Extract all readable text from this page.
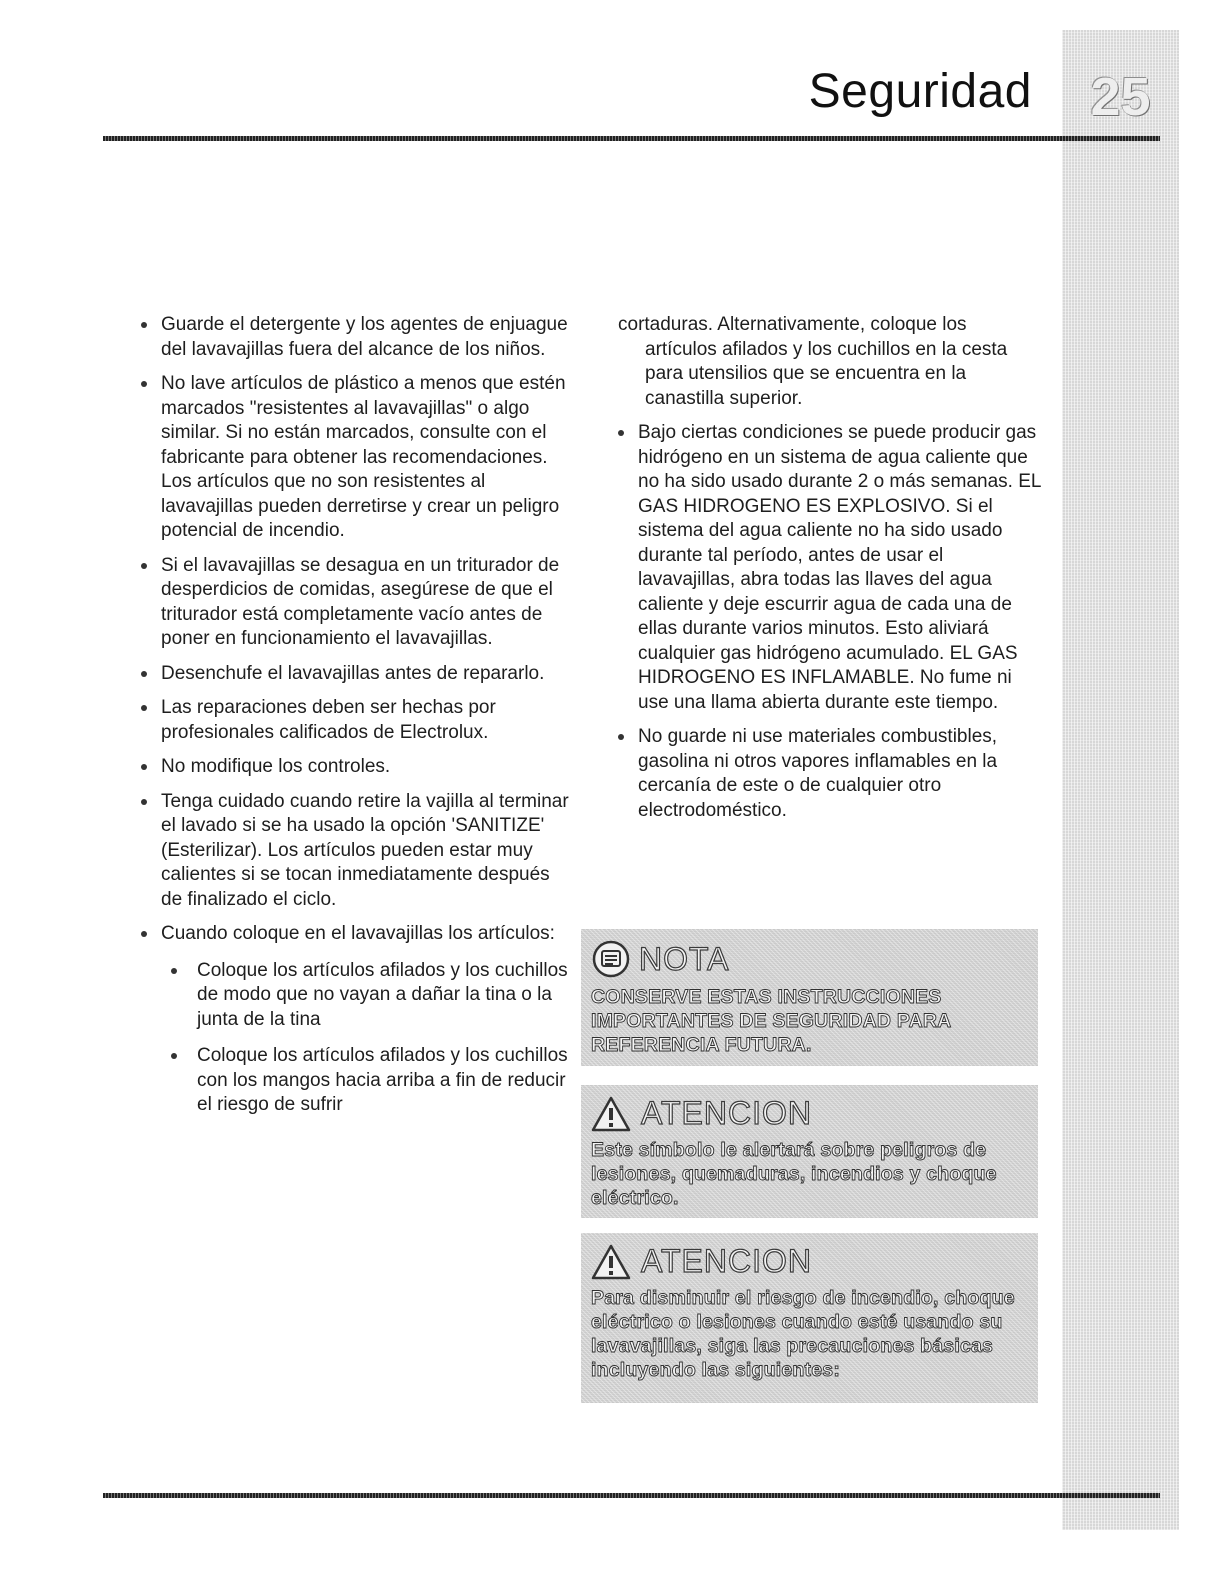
Seguridad	25
Guarde el detergente y los agentes de enjuague del lavavajillas fuera del alcance de los niños.
No lave artículos de plástico a menos que estén marcados "resistentes al lavavajillas" o algo similar. Si no están marcados, consulte con el fabricante para obtener las recomendaciones. Los artículos que no son resistentes al lavavajillas pueden derretirse y crear un peligro potencial de incendio.
Si el lavavajillas se desagua en un triturador de desperdicios de comidas, asegúrese de que el triturador está completamente vacío antes de poner en funcionamiento el lavavajillas.
Desenchufe el lavavajillas antes de repararlo.
Las reparaciones deben ser hechas por profesionales calificados de Electrolux.
No modifique los controles.
Tenga cuidado cuando retire la vajilla al terminar el lavado si se ha usado la opción 'SANITIZE' (Esterilizar). Los artículos pueden estar muy calientes si se tocan inmediatamente después de finalizado el ciclo.
Cuando coloque en el lavavajillas los artículos:
Coloque los artículos afilados y los cuchillos de modo que no vayan a dañar la tina o la junta de la tina
Coloque los artículos afilados y los cuchillos con los mangos hacia arriba a fin de reducir el riesgo de sufrir

cortaduras. Alternativamente, coloque los artículos afilados y los cuchillos en la cesta para utensilios que se encuentra en la canastilla superior.

Bajo ciertas condiciones se puede producir gas hidrógeno en un sistema de agua caliente que no ha sido usado durante 2 o más semanas. EL GAS HIDROGENO ES EXPLOSIVO. Si el sistema del agua caliente no ha sido usado durante tal período, antes de usar el lavavajillas, abra todas las llaves del agua caliente y deje escurrir agua de cada una de ellas durante varios minutos. Esto aliviará cualquier gas hidrógeno acumulado. EL GAS HIDROGENO ES INFLAMABLE. No fume ni use una llama abierta durante este tiempo.
No guarde ni use materiales combustibles, gasolina ni otros vapores inflamables en la cercanía de este o de cualquier otro electrodoméstico.
NOTA
CONSERVE ESTAS INSTRUCCIONES IMPORTANTES DE SEGURIDAD PARA REFERENCIA FUTURA.
ATENCION
Este símbolo le alertará sobre peligros de lesiones, quemaduras, incendios y choque eléctrico.
ATENCION
Para disminuir el riesgo de incendio, choque eléctrico o lesiones cuando esté usando su lavavajillas, siga las precauciones básicas incluyendo las siguientes:
